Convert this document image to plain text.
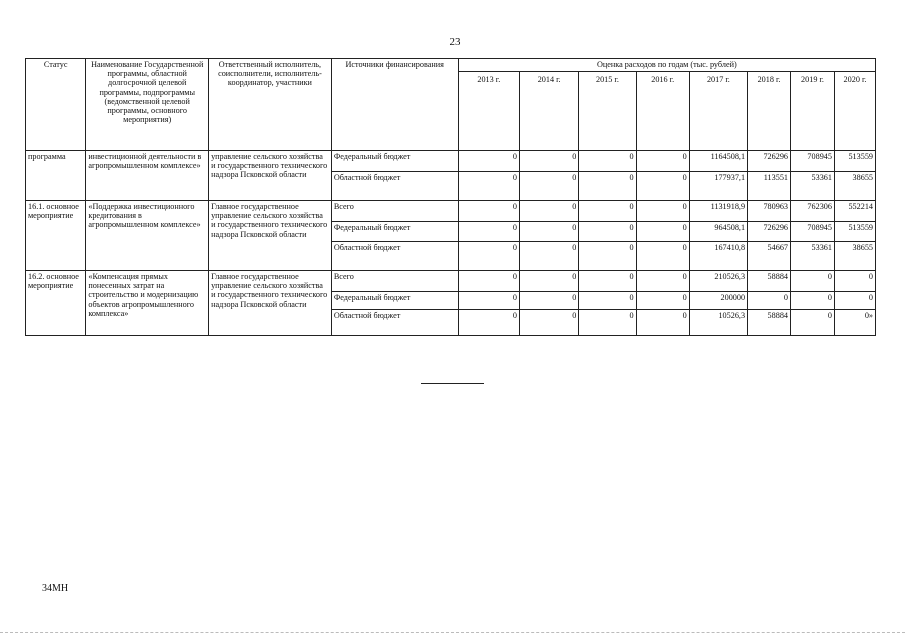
23
Статус	Наименование Государственной программы, областной долгосрочной целевой программы, подпрограммы (ведомственной целевой программы, основного мероприятия)	Ответственный исполнитель, соисполнители, исполнитель-координатор, участники	Источники финансирования	Оценка расходов по годам (тыс. рублей)							

				2013 г.	2014 г.	2015 г.	2016 г.	2017 г.	2018 г.	2019 г.	2020 г.

программа	инвестиционной деятельности в агропромышленном комплексе»	управление сельского хозяйства и государственного технического надзора Псковской области	Федеральный бюджет	0	0	0	0	1164508,1	726296	708945	513559
			Областной бюджет	0	0	0	0	177937,1	113551	53361	38655
16.1. основное мероприятие	«Поддержка инвестиционного кредитования в агропромышленном комплексе»	Главное государственное управление сельского хозяйства и государственного технического надзора Псковской области	Всего	0	0	0	0	1131918,9	780963	762306	552214
			Федеральный бюджет	0	0	0	0	964508,1	726296	708945	513559
			Областной бюджет	0	0	0	0	167410,8	54667	53361	38655
16.2. основное мероприятие	«Компенсация прямых понесенных затрат на строительство и модернизацию объектов агропромышленного комплекса»	Главное государственное управление сельского хозяйства и государственного технического надзора Псковской области	Всего	0	0	0	0	210526,3	58884	0	0
			Федеральный бюджет	0	0	0	0	200000	0	0	0
			Областной бюджет	0	0	0	0	10526,3	58884	0	0»
34МН
